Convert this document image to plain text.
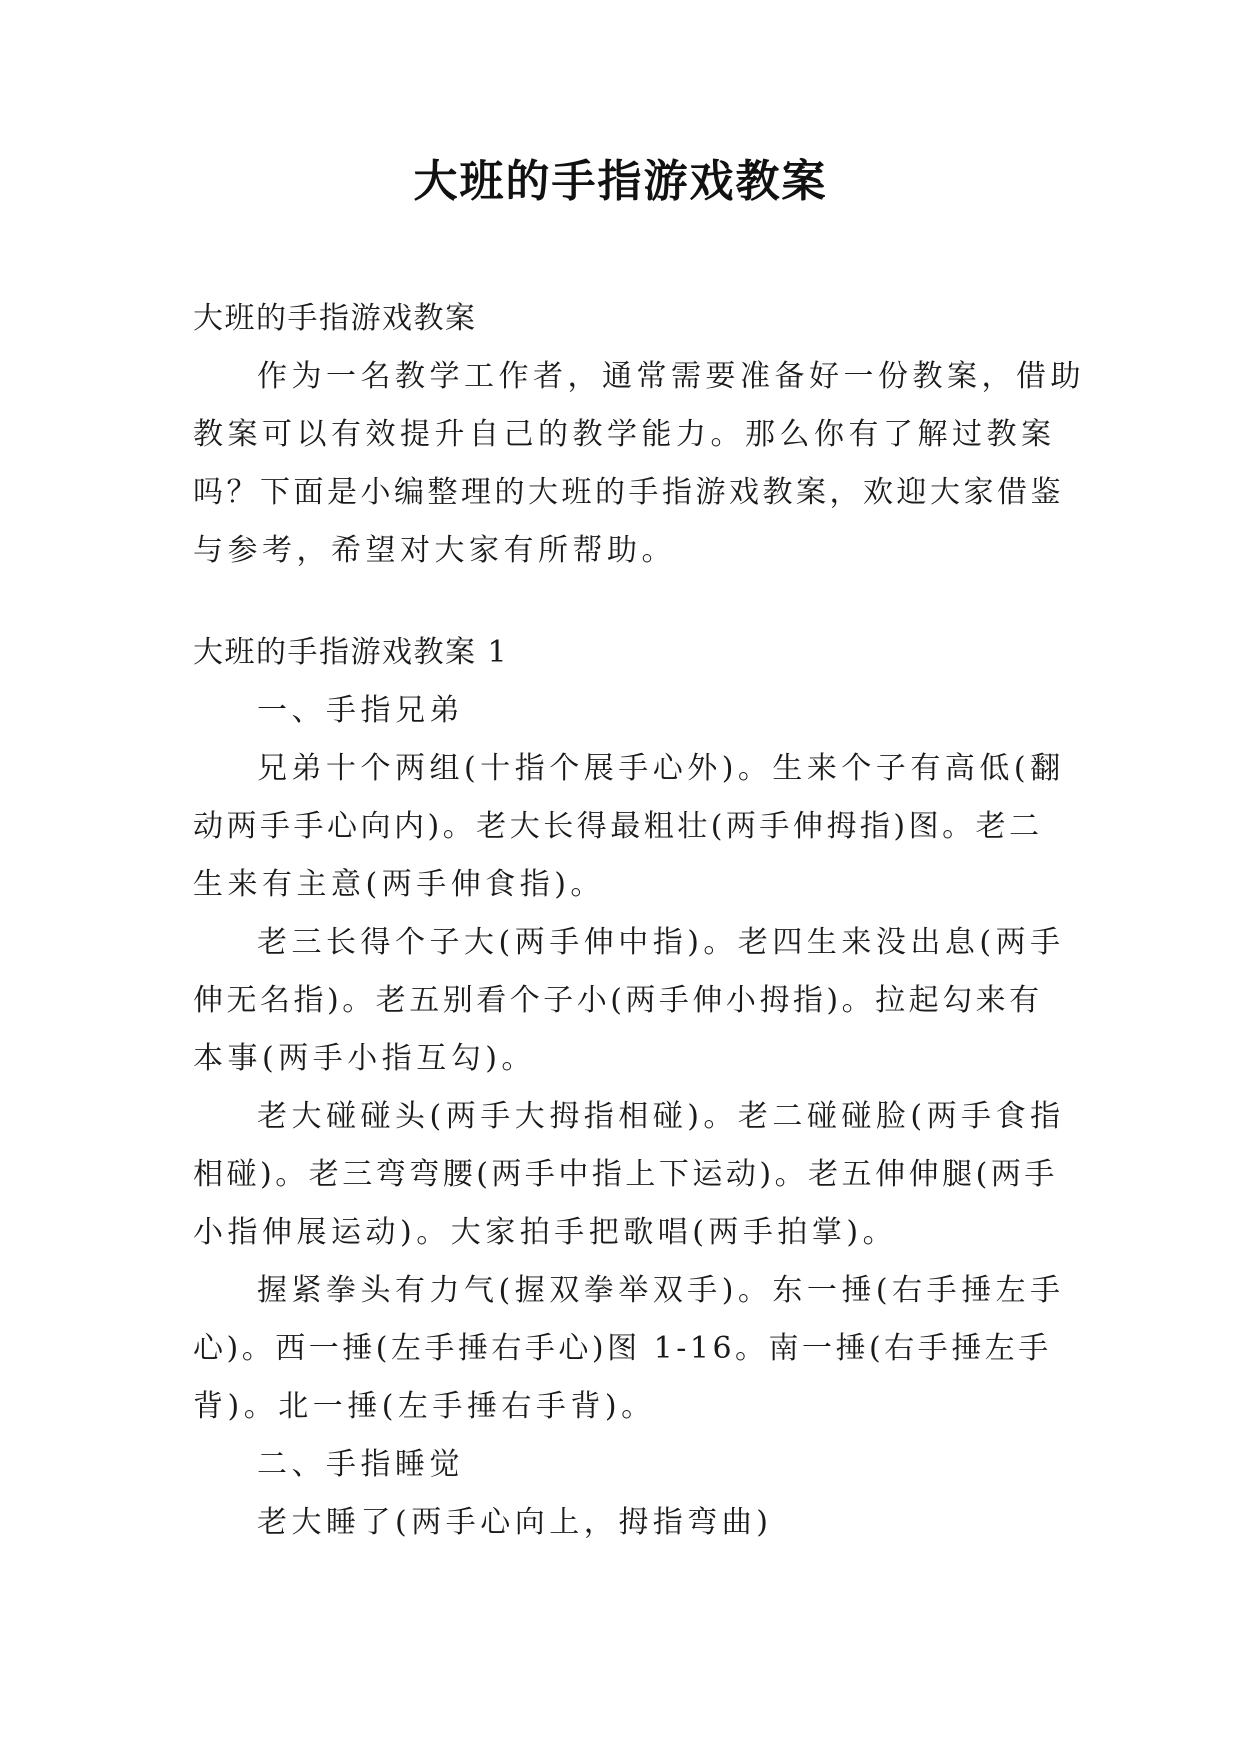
大班的手指游戏教案
大班的手指游戏教案
作为一名教学工作者，通常需要准备好一份教案，借助
教案可以有效提升自己的教学能力。那么你有了解过教案
吗？下面是小编整理的大班的手指游戏教案，欢迎大家借鉴
与参考，希望对大家有所帮助。
大班的手指游戏教案 1
一、手指兄弟
兄弟十个两组(十指个展手心外)。生来个子有高低(翻
动两手手心向内)。老大长得最粗壮(两手伸拇指)图。老二
生来有主意(两手伸食指)。
老三长得个子大(两手伸中指)。老四生来没出息(两手
伸无名指)。老五别看个子小(两手伸小拇指)。拉起勾来有
本事(两手小指互勾)。
老大碰碰头(两手大拇指相碰)。老二碰碰脸(两手食指
相碰)。老三弯弯腰(两手中指上下运动)。老五伸伸腿(两手
小指伸展运动)。大家拍手把歌唱(两手拍掌)。
握紧拳头有力气(握双拳举双手)。东一捶(右手捶左手
心)。西一捶(左手捶右手心)图 1-16。南一捶(右手捶左手
背)。北一捶(左手捶右手背)。
二、手指睡觉
老大睡了(两手心向上，拇指弯曲)
